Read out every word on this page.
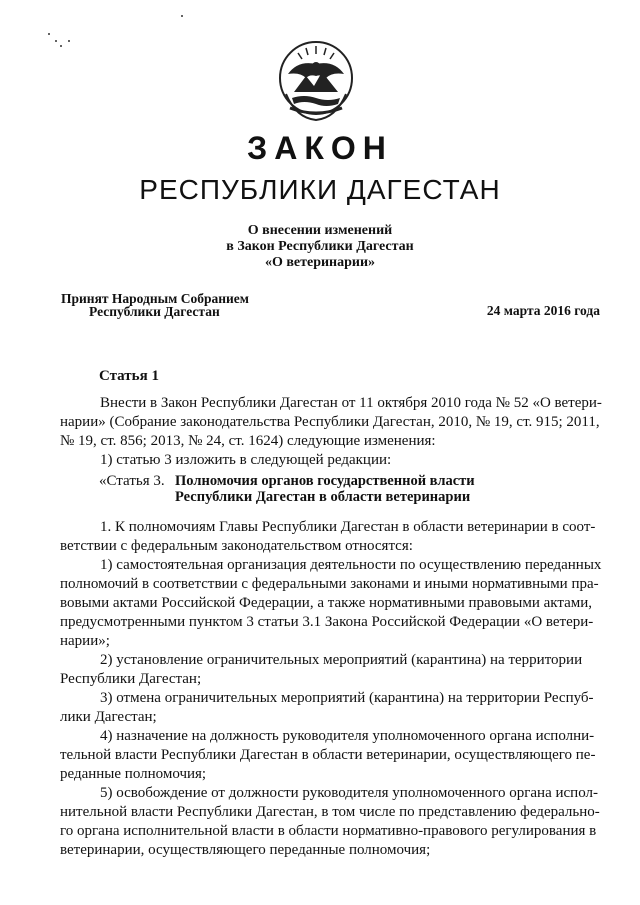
ЗАКОН
РЕСПУБЛИКИ ДАГЕСТАН
О внесении изменений
в Закон Республики Дагестан
«О ветеринарии»
Принят Народным Собранием
Республики Дагестан	24 марта 2016 года
Статья 1
Внести в Закон Республики Дагестан от 11 октября 2010 года № 52 «О ветери-
нарии» (Собрание законодательства Республики Дагестан, 2010, № 19, ст. 915; 2011,
№ 19, ст. 856; 2013, № 24, ст. 1624) следующие изменения:
1) статью 3 изложить в следующей редакции:
«Статья 3. Полномочия органов государственной власти
Республики Дагестан в области ветеринарии
1. К полномочиям Главы Республики Дагестан в области ветеринарии в соот-
ветствии с федеральным законодательством относятся:
1) самостоятельная организация деятельности по осуществлению переданных
полномочий в соответствии с федеральными законами и иными нормативными пра-
вовыми актами Российской Федерации, а также нормативными правовыми актами,
предусмотренными пунктом 3 статьи 3.1 Закона Российской Федерации «О ветери-
нарии»;
2) установление ограничительных мероприятий (карантина) на территории
Республики Дагестан;
3) отмена ограничительных мероприятий (карантина) на территории Респуб-
лики Дагестан;
4) назначение на должность руководителя уполномоченного органа исполни-
тельной власти Республики Дагестан в области ветеринарии, осуществляющего пе-
реданные полномочия;
5) освобождение от должности руководителя уполномоченного органа испол-
нительной власти Республики Дагестан, в том числе по представлению федерально-
го органа исполнительной власти в области нормативно-правового регулирования в
ветеринарии, осуществляющего переданные полномочия;
